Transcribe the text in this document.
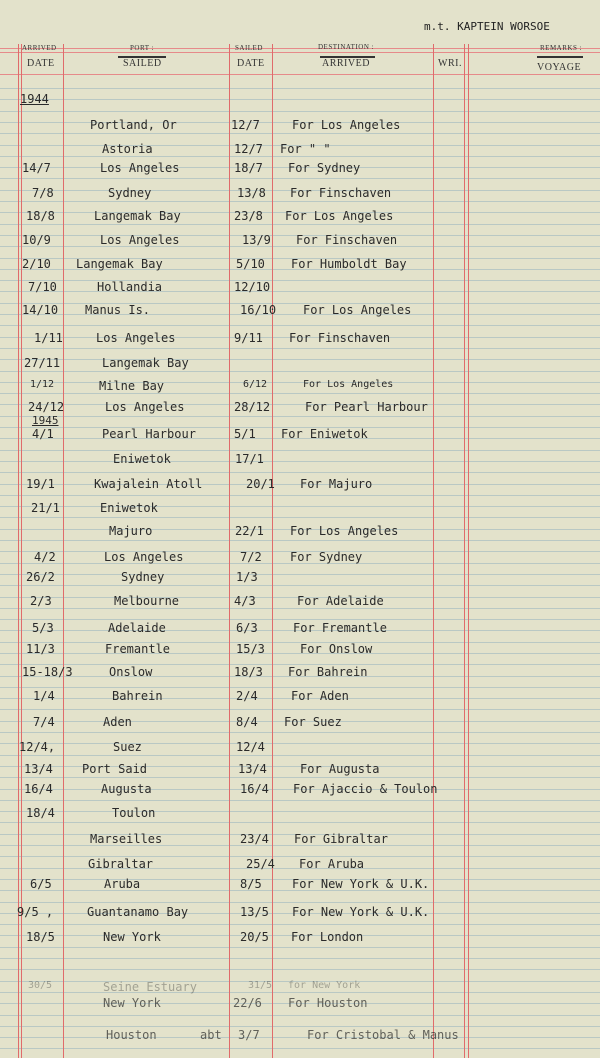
m.t. KAPTEIN WORSOE
ARRIVED
DATE
PORT :
SAILED
SAILED
DATE
DESTINATION :
ARRIVED	WRI.
REMARKS :
VOYAGE
1944
1945
Portland, Or	12/7	For Los Angeles
Astoria	12/7 For " "
14/7	Los Angeles	18/7 For Sydney
7/8	Sydney	13/8 For Finschaven
18/8	Langemak Bay	23/8 For Los Angeles
10/9	Los Angeles	13/9 For Finschaven
2/10 Langemak Bay	5/10 For Humboldt Bay
7/10	Hollandia	12/10
14/10 Manus Is.	16/10 For Los Angeles
1/11	Los Angeles	9/11 For Finschaven
27/11	Langemak Bay
1/12	Milne Bay	6/12	For Los Angeles
24/12	Los Angeles	28/12	For Pearl Harbour
4/1	Pearl Harbour	5/1 For Eniwetok
Eniwetok	17/1
19/1	Kwajalein Atoll	20/1 For Majuro
21/1	Eniwetok
Majuro	22/1 For Los Angeles
4/2	Los Angeles	7/2 For Sydney
26/2	Sydney	1/3
2/3	Melbourne	4/3	For Adelaide
5/3	Adelaide	6/3	For Fremantle
11/3	Fremantle	15/3	For Onslow
15-18/3	Onslow	18/3 For Bahrein
1/4	Bahrein	2/4	For Aden
7/4	Aden	8/4 For Suez
12/4,	Suez	12/4
13/4 Port Said	13/4	For Augusta
16/4	Augusta	16/4 For Ajaccio & Toulon
18/4	Toulon
Marseilles	23/4 For Gibraltar
Gibraltar	25/4 For Aruba
6/5	Aruba	8/5	For New York & U.K.
9/5 ,	Guantanamo Bay	13/5 For New York & U.K.
18/5	New York	20/5 For London
30/5	Seine Estuary	31/5 for New York
New York	22/6 For Houston
Houston	abt 3/7	For Cristobal & Manus
